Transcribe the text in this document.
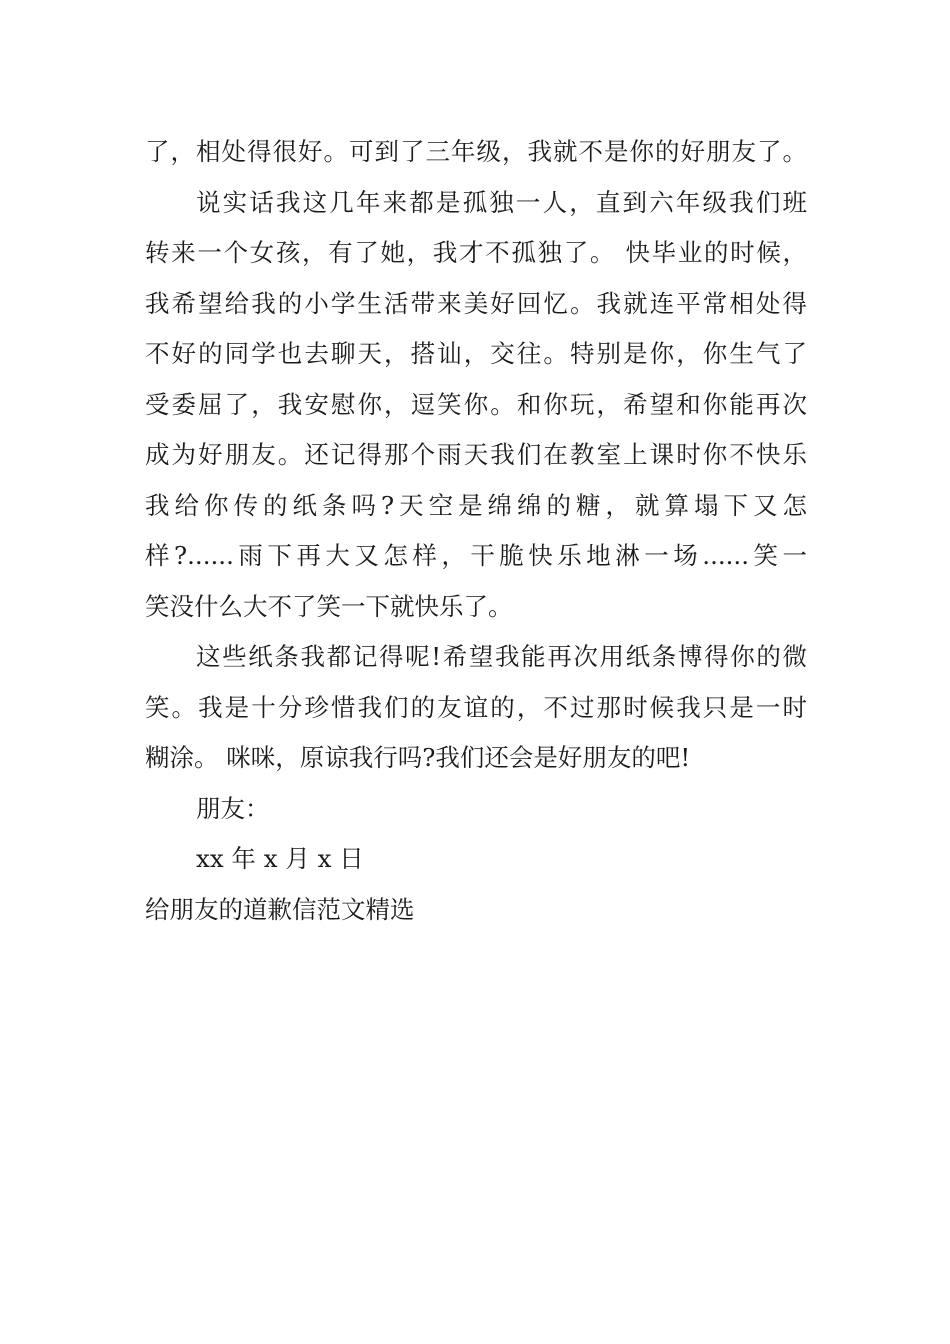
了，相处得很好。可到了三年级，我就不是你的好朋友了。
说实话我这几年来都是孤独一人，直到六年级我们班
转来一个女孩，有了她，我才不孤独了。 快毕业的时候，
我希望给我的小学生活带来美好回忆。我就连平常相处得
不好的同学也去聊天，搭讪，交往。特别是你，你生气了
受委屈了，我安慰你，逗笑你。和你玩，希望和你能再次
成为好朋友。还记得那个雨天我们在教室上课时你不快乐
我给你传的纸条吗?天空是绵绵的糖，就算塌下又怎
样?......雨下再大又怎样，干脆快乐地淋一场......笑一
笑没什么大不了笑一下就快乐了。
这些纸条我都记得呢!希望我能再次用纸条博得你的微
笑。我是十分珍惜我们的友谊的，不过那时候我只是一时
糊涂。 咪咪，原谅我行吗?我们还会是好朋友的吧!
朋友：
xx 年 x 月 x 日
给朋友的道歉信范文精选
